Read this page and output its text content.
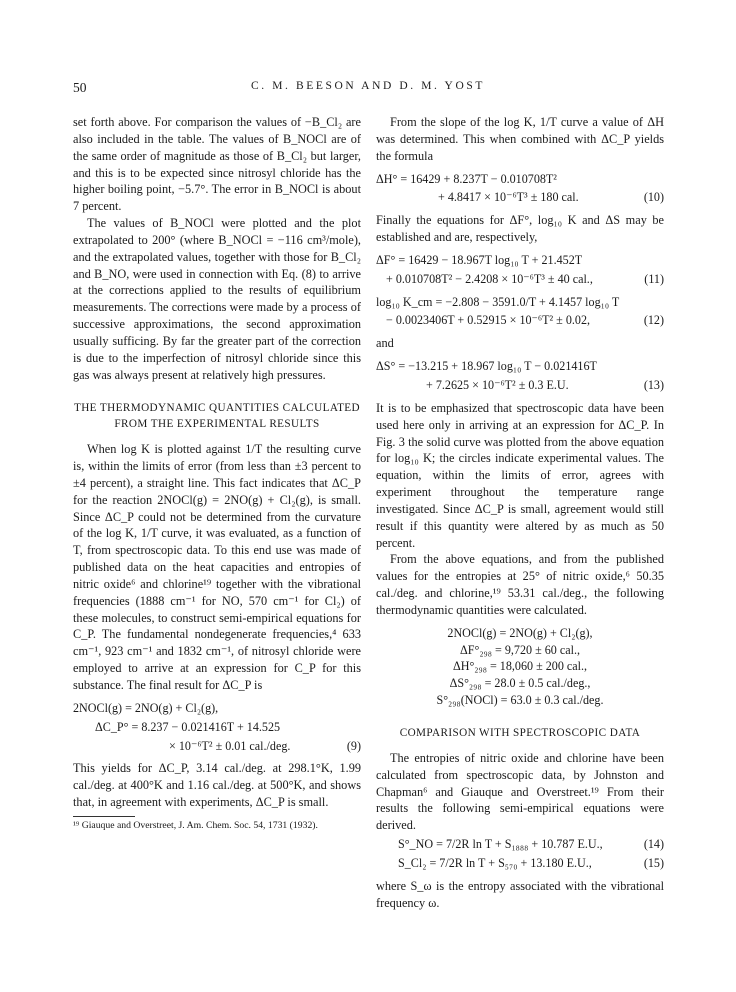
50	C. M. BEESON AND D. M. YOST

set forth above. For comparison the values of −B_Cl₂ are also included in the table. The values of B_NOCl are of the same order of magnitude as those of B_Cl₂ but larger, and this is to be expected since nitrosyl chloride has the higher boiling point, −5.7°. The error in B_NOCl is about 7 percent.

The values of B_NOCl were plotted and the plot extrapolated to 200° (where B_NOCl = −116 cm³/mole), and the extrapolated values, together with those for B_Cl₂ and B_NO, were used in connection with Eq. (8) to arrive at the corrections applied to the results of equilibrium measurements. The corrections were made by a process of successive approximations, the second approximation usually sufficing. By far the greater part of the correction is due to the imperfection of nitrosyl chloride since this gas was always present at relatively high pressures.

THE THERMODYNAMIC QUANTITIES CALCULATED FROM THE EXPERIMENTAL RESULTS

When log K is plotted against 1/T the resulting curve is, within the limits of error (from less than ±3 percent to ±4 percent), a straight line. This fact indicates that ΔC_P for the reaction 2NOCl(g) = 2NO(g) + Cl₂(g), is small. Since ΔC_P could not be determined from the curvature of the log K, 1/T curve, it was evaluated, as a function of T, from spectroscopic data. To this end use was made of published data on the heat capacities and entropies of nitric oxide⁶ and chlorine¹⁹ together with the vibrational frequencies (1888 cm⁻¹ for NO, 570 cm⁻¹ for Cl₂) of these molecules, to construct semi-empirical equations for C_P. The fundamental nondegenerate frequencies,⁴ 633 cm⁻¹, 923 cm⁻¹ and 1832 cm⁻¹, of nitrosyl chloride were employed to arrive at an expression for C_P for this substance. The final result for ΔC_P is

2NOCl(g) = 2NO(g) + Cl₂(g),
ΔC_P° = 8.237 − 0.021416T + 14.525
× 10⁻⁶T² ± 0.01 cal./deg.	(9)

This yields for ΔC_P, 3.14 cal./deg. at 298.1°K, 1.99 cal./deg. at 400°K and 1.16 cal./deg. at 500°K, and shows that, in agreement with experiments, ΔC_P is small.

¹⁹ Giauque and Overstreet, J. Am. Chem. Soc. 54, 1731 (1932).

From the slope of the log K, 1/T curve a value of ΔH was determined. This when combined with ΔC_P yields the formula

ΔH° = 16429 + 8.237T − 0.010708T²
+ 4.8417 × 10⁻⁶T³ ± 180 cal.	(10)

Finally the equations for ΔF°, log₁₀ K and ΔS may be established and are, respectively,

ΔF° = 16429 − 18.967T log₁₀ T + 21.452T
+ 0.010708T² − 2.4208 × 10⁻⁶T³ ± 40 cal.,	(11)
log₁₀ K_cm = −2.808 − 3591.0/T + 4.1457 log₁₀ T
− 0.0023406T + 0.52915 × 10⁻⁶T² ± 0.02,	(12)

and

ΔS° = −13.215 + 18.967 log₁₀ T − 0.021416T
+ 7.2625 × 10⁻⁶T² ± 0.3 E.U.	(13)

It is to be emphasized that spectroscopic data have been used here only in arriving at an expression for ΔC_P. In Fig. 3 the solid curve was plotted from the above equation for log₁₀ K; the circles indicate experimental values. The equation, within the limits of error, agrees with experiment throughout the temperature range investigated. Since ΔC_P is small, agreement would still result if this quantity were altered by as much as 50 percent.

From the above equations, and from the published values for the entropies at 25° of nitric oxide,⁶ 50.35 cal./deg. and chlorine,¹⁹ 53.31 cal./deg., the following thermodynamic quantities were calculated.

2NOCl(g) = 2NO(g) + Cl₂(g),
ΔF°₂₉₈ = 9,720 ± 60 cal.,
ΔH°₂₉₈ = 18,060 ± 200 cal.,
ΔS°₂₉₈ = 28.0 ± 0.5 cal./deg.,
S°₂₉₈(NOCl) = 63.0 ± 0.3 cal./deg.
COMPARISON WITH SPECTROSCOPIC DATA

The entropies of nitric oxide and chlorine have been calculated from spectroscopic data, by Johnston and Chapman⁶ and Giauque and Overstreet.¹⁹ From their results the following semi-empirical equations were derived.

S°_NO = 7/2R ln T + S₁₈₈₈ + 10.787 E.U.,	(14)
S_Cl₂ = 7/2R ln T + S₅₇₀ + 13.180 E.U.,	(15)

where S_ω is the entropy associated with the vibrational frequency ω.
